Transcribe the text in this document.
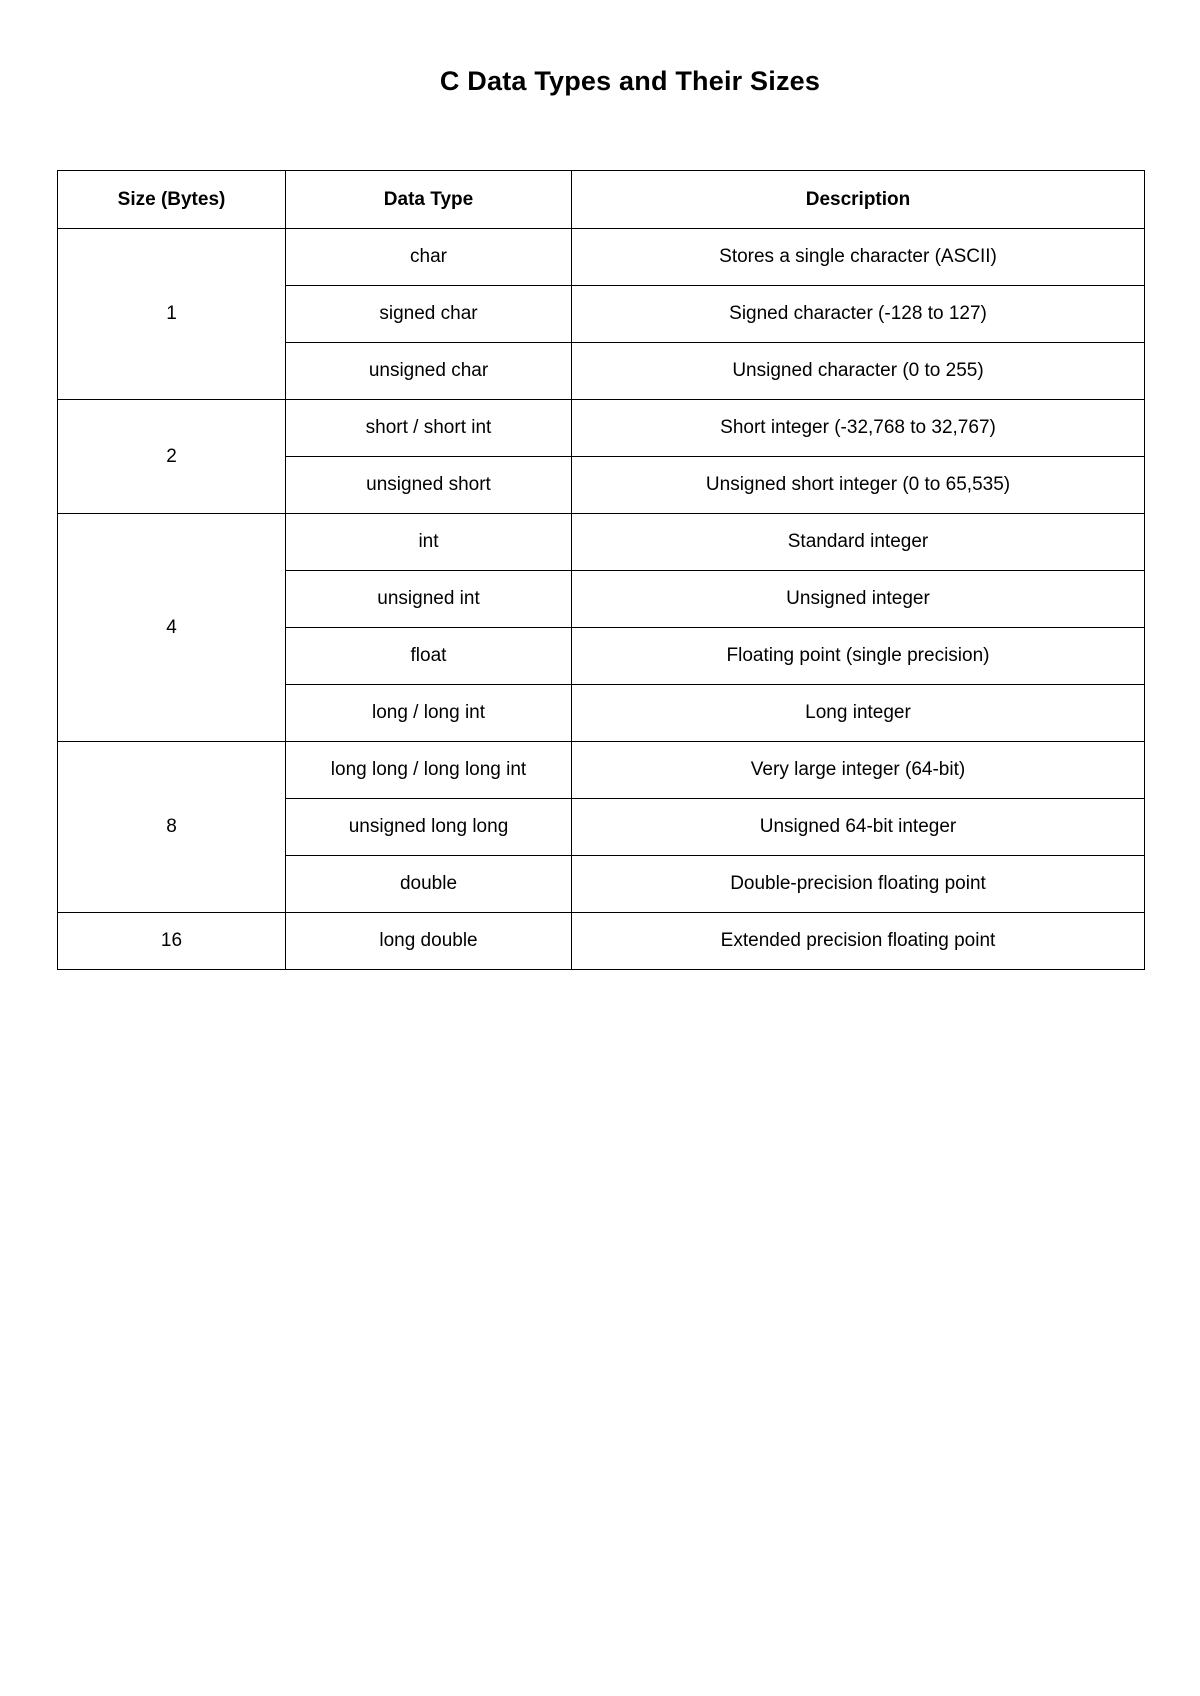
C Data Types and Their Sizes
Size (Bytes)	Data Type	Description
1	char	Stores a single character (ASCII)
	signed char	Signed character (-128 to 127)
	unsigned char	Unsigned character (0 to 255)
2	short / short int	Short integer (-32,768 to 32,767)
	unsigned short	Unsigned short integer (0 to 65,535)
4	int	Standard integer
	unsigned int	Unsigned integer
	float	Floating point (single precision)
	long / long int	Long integer
8	long long / long long int	Very large integer (64-bit)
	unsigned long long	Unsigned 64-bit integer
	double	Double-precision floating point
16	long double	Extended precision floating point
